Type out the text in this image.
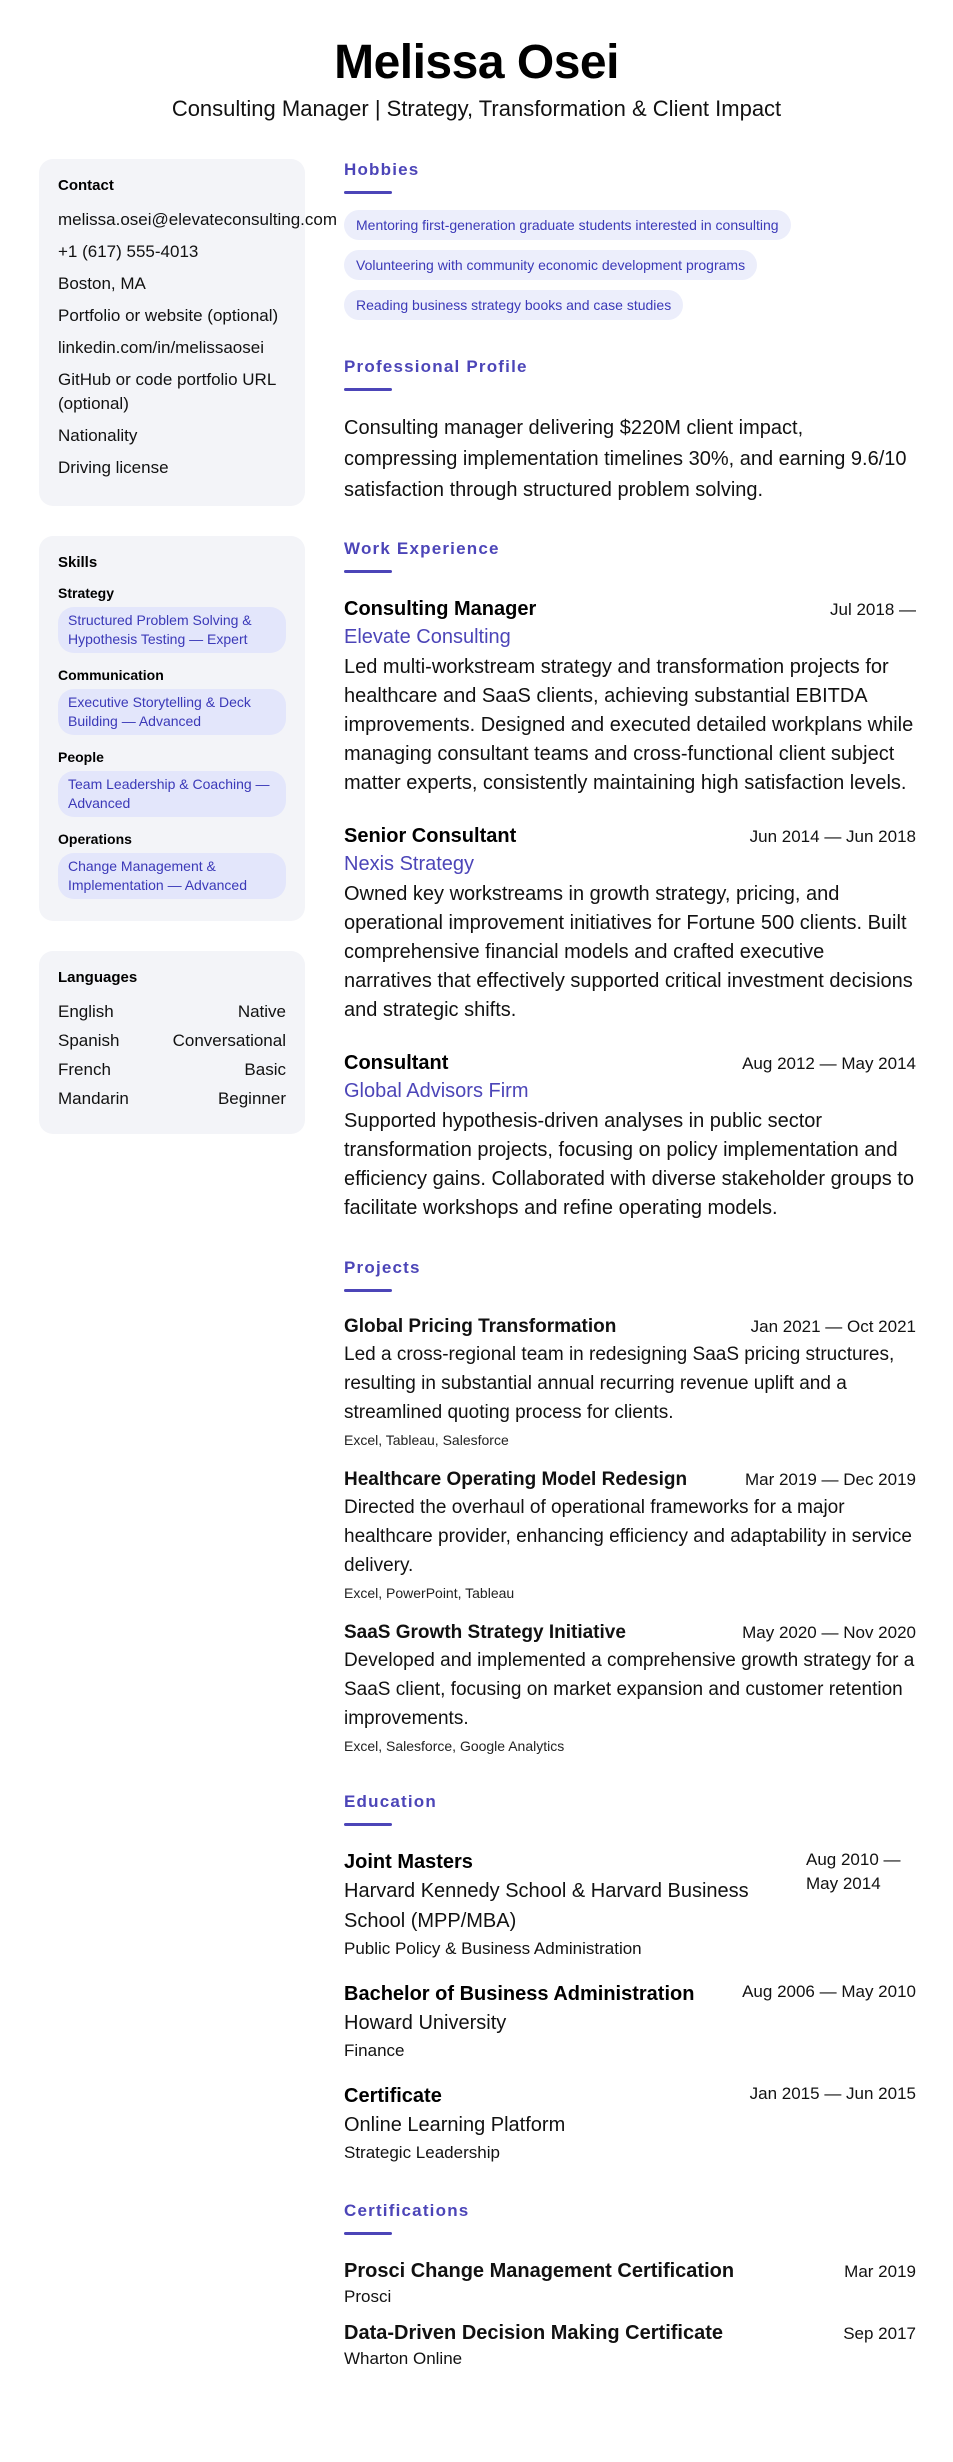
Melissa Osei
Consulting Manager | Strategy, Transformation & Client Impact
Contact
melissa.osei@elevateconsulting.com
+1 (617) 555-4013
Boston, MA
Portfolio or website (optional)
linkedin.com/in/melissaosei
GitHub or code portfolio URL (optional)
Nationality
Driving license
Skills
Strategy
Structured Problem Solving & Hypothesis Testing — Expert
Communication
Executive Storytelling & Deck Building — Advanced
People
Team Leadership & Coaching — Advanced
Operations
Change Management & Implementation — Advanced
Languages
English	Native
Spanish	Conversational
French	Basic
Mandarin	Beginner
Hobbies
Mentoring first-generation graduate students interested in consulting
Volunteering with community economic development programs
Reading business strategy books and case studies
Professional Profile
Consulting manager delivering $220M client impact, compressing implementation timelines 30%, and earning 9.6/10 satisfaction through structured problem solving.
Work Experience
Consulting Manager	Jul 2018 —
Elevate Consulting
Led multi-workstream strategy and transformation projects for healthcare and SaaS clients, achieving substantial EBITDA improvements. Designed and executed detailed workplans while managing consultant teams and cross-functional client subject matter experts, consistently maintaining high satisfaction levels.
Senior Consultant	Jun 2014 — Jun 2018
Nexis Strategy
Owned key workstreams in growth strategy, pricing, and operational improvement initiatives for Fortune 500 clients. Built comprehensive financial models and crafted executive narratives that effectively supported critical investment decisions and strategic shifts.
Consultant	Aug 2012 — May 2014
Global Advisors Firm
Supported hypothesis-driven analyses in public sector transformation projects, focusing on policy implementation and efficiency gains. Collaborated with diverse stakeholder groups to facilitate workshops and refine operating models.
Projects
Global Pricing Transformation	Jan 2021 — Oct 2021
Led a cross-regional team in redesigning SaaS pricing structures, resulting in substantial annual recurring revenue uplift and a streamlined quoting process for clients.
Excel, Tableau, Salesforce
Healthcare Operating Model Redesign	Mar 2019 — Dec 2019
Directed the overhaul of operational frameworks for a major healthcare provider, enhancing efficiency and adaptability in service delivery.
Excel, PowerPoint, Tableau
SaaS Growth Strategy Initiative	May 2020 — Nov 2020
Developed and implemented a comprehensive growth strategy for a SaaS client, focusing on market expansion and customer retention improvements.
Excel, Salesforce, Google Analytics
Education
Joint Masters
Harvard Kennedy School & Harvard Business School (MPP/MBA)
Public Policy & Business Administration
Aug 2010 — May 2014
Bachelor of Business Administration
Howard University
Finance
Aug 2006 — May 2010
Certificate
Online Learning Platform
Strategic Leadership
Jan 2015 — Jun 2015
Certifications
Prosci Change Management Certification	Mar 2019
Prosci
Data-Driven Decision Making Certificate	Sep 2017
Wharton Online
